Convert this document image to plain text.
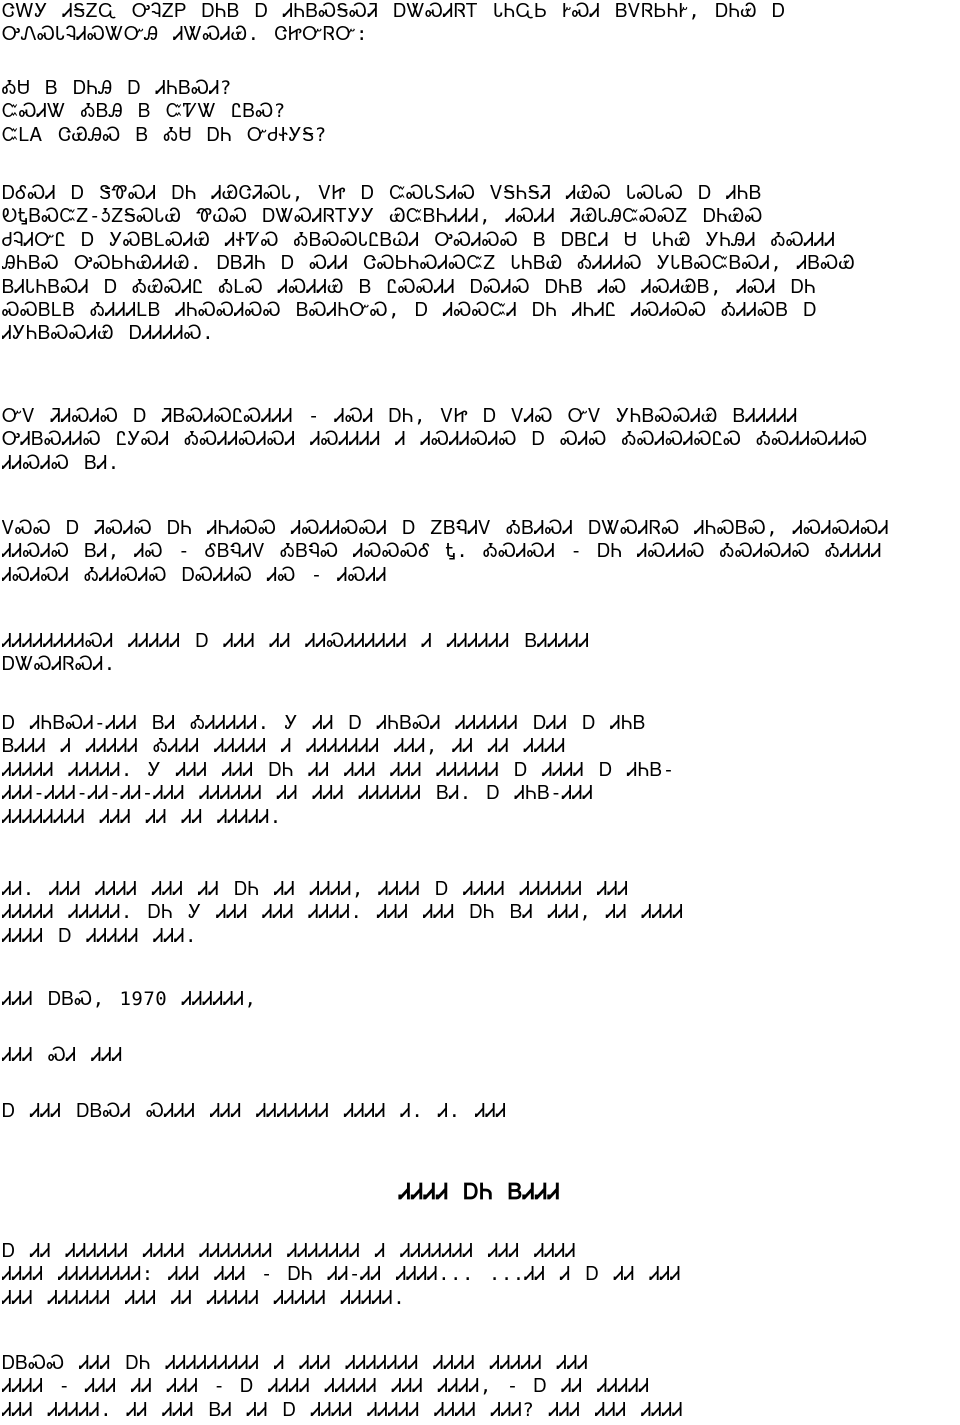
ᏣᎳᎩ ᏗᎦᏃᏩ ᎤᎸᏃᏢ ᎠᏂᏴ Ꭰ ᏗᏂᏴᏍᎦᏍᏘ ᎠᏔᏍᏗᏒᎢ ᏓᏂᏩᏏ ᎨᏍᏗ ᏴᏙᏒᏏᏂᎨ, ᎠᏂᏯ Ꭰ
ᎤᏁᏍᏓᎸᏗᏍᏔᏅᎯ ᏗᏔᏍᏗᏯ. ᏣᏥᏅᏒᏅ:
ᎣᏌ Ᏼ ᎠᏂᎯ Ꭰ ᏗᏂᏴᏍᏗ?
ᏨᏍᏗᏔ ᎣᏴᎯ Ᏼ ᏨᏤᏔ ᏝᏴᏍ?
ᏨᏞᎪ ᏣᏯᎯᏍ Ᏼ ᎣᏌ ᎠᏂ ᏅᏧᏐᎩᎦ?
ᎠᎴᏍᏗ Ꭰ ᏕᏡᏍᏗ ᎠᏂ ᏗᏯᏣᏘᏍᏓ, ᏙᏥ Ꭰ ᏨᏍᏓᏚᏗᏍ ᏙᎦᏂᎦᏘ ᏗᏯᏍ ᏓᏍᏓᏍ Ꭰ ᏗᏂᏴ
ᎧᎿᏴᏍᏨᏃ-ᎼᏃᎦᏍᏓᏯ ᏡᏇᏍ ᎠᏔᏍᏗᏒᎢᎩᎩ ᏯᏨᏴᏂᏗᏗᏗ, ᏗᏍᏗᏗ ᏘᏯᏓᎯᏨᏍᏍᏃ ᎠᏂᏯᏍ
ᏧᎸᏗᏅᏝ Ꭰ ᎩᏍᏴᏞᏍᏗᏯ ᏗᏐᏤᏍ ᎣᏴᏍᏍᏓᏝᏴᏇᏗ ᎤᏍᏗᏍᏍ Ᏼ ᎠᏴᏝᏗ Ꮜ ᏓᏂᏯ ᎩᏂᎯᏗ ᎣᏍᏗᏗᏗ
ᎯᏂᏴᏍ ᎤᏍᏏᏂᏯᏗᏗᏯ. ᎠᏴᏘᏂ Ꭰ ᏍᏗᏗ ᏣᏍᏏᏂᏍᏗᏍᏨᏃ ᏓᏂᏴᏯ ᎣᏗᏗᏗᏍ ᎩᏓᏴᏍᏨᏴᏍᏗ, ᏗᏴᏍᏯ
ᏴᏗᏓᏂᏴᏍᏗ Ꭰ ᎣᏯᏍᏗᏝ ᎣᏞᏍ ᏗᏍᏗᏗᏯ Ᏼ ᏝᏍᏍᏗᏗ ᎠᏍᏗᏍ ᎠᏂᏴ ᏗᏍ ᏗᏍᏗᏯᏴ, ᏗᏍᏗ ᎠᏂ
ᏍᏍᏴᏞᏴ ᎣᏗᏗᏗᏞᏴ ᏗᏂᏍᏍᏗᏍᏍ ᏴᏍᏗᏂᏅᏍ, Ꭰ ᏗᏍᏍᏨᏗ ᎠᏂ ᏗᏂᏗᏝ ᏗᏍᏗᏍᏍ ᎣᏗᏗᏍᏴ Ꭰ
ᏗᎩᏂᏴᏍᏍᏗᏯ ᎠᏗᏗᏗᏗᏍ.
ᏅᏙ ᏘᏗᏍᏗᏍ Ꭰ ᏘᏴᏍᏗᏍᏝᏍᏗᏗᏗ - ᏗᏍᏗ ᎠᏂ, ᏙᏥ Ꭰ ᏙᏗᏍ ᏅᏙ ᎩᏂᏴᏍᏍᏗᏯ ᏴᏗᏗᏗᏗᏗ
ᎤᏗᏴᏍᏗᏗᏍ ᏝᎩᏍᏗ ᎣᏍᏗᏗᏍᏗᏍᏗ ᏗᏍᏗᏗᏗᏗ Ꮧ ᏗᏍᏗᏗᏍᏗᏍ Ꭰ ᏍᏗᏍ ᎣᏍᏗᏍᏗᏍᏝᏍ ᎣᏍᏗᏗᏍᏗᏗᏍ
ᏗᏗᏍᏗᏍ ᏴᏗ.
ᏙᏍᏍ Ꭰ ᏘᏍᏗᏍ ᎠᏂ ᏗᏂᏗᏍᏍ ᏗᏍᏗᏗᏍᏍᏗ Ꭰ ᏃᏴᏄᏗᏙ ᎣᏴᏗᏍᏗ ᎠᏔᏍᏗᏒᏍ ᏗᏂᏍᏴᏍ, ᏗᏍᏗᏍᏗᏍᏗ
ᏗᏗᏍᏗᏍ ᏴᏗ, ᏗᏍ - ᎴᏴᏄᏗᏙ ᎣᏴᏄᏍ ᏗᏍᏍᏍᎴ Ꮏ. ᎣᏍᏗᏍᏗ - ᎠᏂ ᏗᏍᏗᏗᏍ ᎣᏍᏗᏍᏗᏍ ᎣᏗᏗᏗᏗ
ᏗᏍᏗᏍᏗ ᎣᏗᏗᏍᏗᏍ ᎠᏍᏗᏗᏍ ᏗᏍ - ᏗᏍᏗᏗ
ᏗᏗᏗᏗᏗᏗᏗᏗᏍᏗ ᏗᏗᏗᏗᏗ Ꭰ ᏗᏗᏗ ᏗᏗ ᏗᏗᏍᏗᏗᏗᏗᏗᏗ Ꮧ ᏗᏗᏗᏗᏗᏗ ᏴᏗᏗᏗᏗᏗ
ᎠᏔᏍᏗᏒᏍᏗ.
Ꭰ ᏗᏂᏴᏍᏗ-ᏗᏗᏗ ᏴᏗ ᎣᏗᏗᏗᏗᏗ. Ꭹ ᏗᏗ Ꭰ ᏗᏂᏴᏍᏗ ᏗᏗᏗᏗᏗᏗ ᎠᏗᏗ Ꭰ ᏗᏂᏴ
ᏴᏗᏗᏗ Ꮧ ᏗᏗᏗᏗᏗ ᎣᏗᏗᏗ ᏗᏗᏗᏗᏗ Ꮧ ᏗᏗᏗᏗᏗᏗᏗ ᏗᏗᏗ, ᏗᏗ ᏗᏗ ᏗᏗᏗᏗ
ᏗᏗᏗᏗᏗ ᏗᏗᏗᏗᏗ. Ꭹ ᏗᏗᏗ ᏗᏗᏗ ᎠᏂ ᏗᏗ ᏗᏗᏗ ᏗᏗᏗ ᏗᏗᏗᏗᏗᏗ Ꭰ ᏗᏗᏗᏗ Ꭰ ᏗᏂᏴ-
ᏗᏗᏗ-ᏗᏗᏗ-ᏗᏗ-ᏗᏗ-ᏗᏗᏗ ᏗᏗᏗᏗᏗᏗ ᏗᏗ ᏗᏗᏗ ᏗᏗᏗᏗᏗᏗ ᏴᏗ. Ꭰ ᏗᏂᏴ-ᏗᏗᏗ
ᏗᏗᏗᏗᏗᏗᏗᏗ ᏗᏗᏗ ᏗᏗ ᏗᏗ ᏗᏗᏗᏗᏗ.
ᏗᏗ. ᏗᏗᏗ ᏗᏗᏗᏗ ᏗᏗᏗ ᏗᏗ ᎠᏂ ᏗᏗ ᏗᏗᏗᏗ, ᏗᏗᏗᏗ Ꭰ ᏗᏗᏗᏗ ᏗᏗᏗᏗᏗᏗ ᏗᏗᏗ
ᏗᏗᏗᏗᏗ ᏗᏗᏗᏗᏗ. ᎠᏂ Ꭹ ᏗᏗᏗ ᏗᏗᏗ ᏗᏗᏗᏗ. ᏗᏗᏗ ᏗᏗᏗ ᎠᏂ ᏴᏗ ᏗᏗᏗ, ᏗᏗ ᏗᏗᏗᏗ
ᏗᏗᏗᏗ Ꭰ ᏗᏗᏗᏗᏗ ᏗᏗᏗ.
ᏗᏗᏗ ᎠᏴᏍ, 1970 ᏗᏗᏗᏗᏗᏗ,
ᏗᏗᏗ ᏍᏗ ᏗᏗᏗ
Ꭰ ᏗᏗᏗ ᎠᏴᏍᏗ ᏍᏗᏗᏗ ᏗᏗᏗ ᏗᏗᏗᏗᏗᏗᏗ ᏗᏗᏗᏗ Ꮧ. Ꮧ. ᏗᏗᏗ
ᏗᏗᏗᏗ ᎠᏂ ᏴᏗᏗᏗ
Ꭰ ᏗᏗ ᏗᏗᏗᏗᏗᏗ ᏗᏗᏗᏗ ᏗᏗᏗᏗᏗᏗᏗ ᏗᏗᏗᏗᏗᏗᏗ Ꮧ ᏗᏗᏗᏗᏗᏗᏗ ᏗᏗᏗ ᏗᏗᏗᏗ
ᏗᏗᏗᏗ ᏗᏗᏗᏗᏗᏗᏗᏗ: ᏗᏗᏗ ᏗᏗᏗ - ᎠᏂ ᏗᏗ-ᏗᏗ ᏗᏗᏗᏗ... ...ᏗᏗ Ꮧ Ꭰ ᏗᏗ ᏗᏗᏗ
ᏗᏗᏗ ᏗᏗᏗᏗᏗᏗ ᏗᏗᏗ ᏗᏗ ᏗᏗᏗᏗᏗ ᏗᏗᏗᏗᏗ ᏗᏗᏗᏗᏗ.
ᎠᏴᏍᏍ ᏗᏗᏗ ᎠᏂ ᏗᏗᏗᏗᏗᏗᏗᏗᏗ Ꮧ ᏗᏗᏗ ᏗᏗᏗᏗᏗᏗᏗ ᏗᏗᏗᏗ ᏗᏗᏗᏗᏗ ᏗᏗᏗ
ᏗᏗᏗᏗ - ᏗᏗᏗ ᏗᏗ ᏗᏗᏗ - Ꭰ ᏗᏗᏗᏗ ᏗᏗᏗᏗᏗ ᏗᏗᏗ ᏗᏗᏗᏗ, - Ꭰ ᏗᏗ ᏗᏗᏗᏗᏗ
ᏗᏗᏗ ᏗᏗᏗᏗᏗ. ᏗᏗ ᏗᏗᏗ ᏴᏗ ᏗᏗ Ꭰ ᏗᏗᏗᏗ ᏗᏗᏗᏗᏗ ᏗᏗᏗᏗ ᏗᏗᏗ? ᏗᏗᏗ ᏗᏗᏗ ᏗᏗᏗᏗ
